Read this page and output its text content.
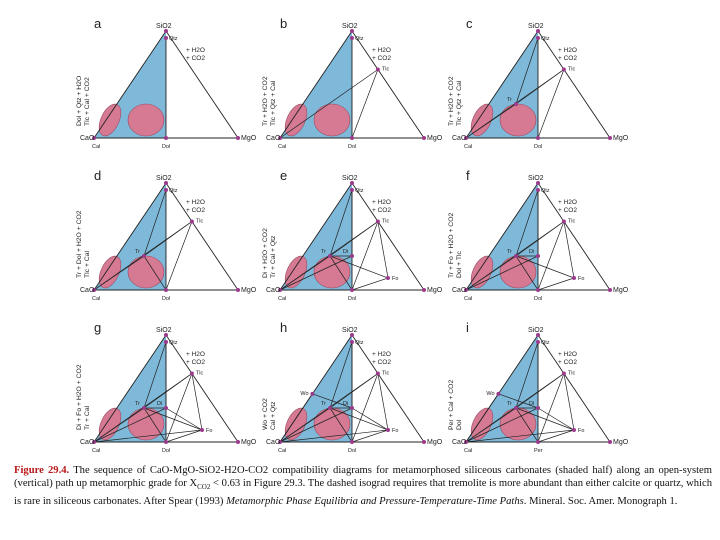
a	SiO2
Qtz
CaO	MgO
Cal	Dol
+ H2O
+ CO2
Dol + Qtz + H2O Tlc + Cal + CO2
b	SiO2
Qtz
CaO	MgO
Cal	Dol
Tlc
+ H2O
+ CO2
Tr + H2O + CO2 Tlc + Qtz + Cal
c	SiO2
Qtz
CaO	MgO
Cal	Dol
Tlc
Tr
+ H2O
+ CO2
Tr + H2O + CO2 Tlc + Qtz + Cal
d	SiO2
Qtz
CaO	MgO
Cal	Dol
Tlc
Tr
+ H2O
+ CO2
Tr + Dol + H2O + CO2 Tlc + Cal
e	SiO2
Qtz
CaO	MgO
Cal	Dol
Tlc
Tr	Di
Fo
+ H2O
+ CO2
Di + H2O + CO2 Tr + Cal + Qtz
f	SiO2
Qtz
CaO	MgO
Cal	Dol
Tlc
Tr	Di
Fo
+ H2O
+ CO2
Tr + Fo + H2O + CO2 Dol + Tlc
g	SiO2
Qtz
CaO	MgO
Cal	Dol
Tlc
Tr	Di
Fo
+ H2O
+ CO2
Di + Fo + H2O + CO2 Tr + Cal
h	SiO2
Qtz
CaO	MgO
Cal	Dol
Tlc
Tr	Di
Fo
Wo
+ H2O
+ CO2
Wo + CO2 Cal + Qtz
i	SiO2
Qtz
CaO	MgO
Cal	Per
Tlc
Tr	Di
Fo
Wo
+ H2O
+ CO2
Per + Cal + CO2 Dol
Figure 29.4. The sequence of CaO-MgO-SiO2-H2O-CO2 compatibility diagrams for metamorphosed siliceous carbonates (shaded half) along an open-system (vertical) path up metamorphic grade for $X_{CO2} < 0.63$ in Figure 29.3. The dashed isograd requires that tremolite is more abundant than either calcite or quartz, which is rare in siliceous carbonates. After Spear (1993) Metamorphic Phase Equilibria and Pressure-Temperature-Time Paths. Mineral. Soc. Amer. Monograph 1.
